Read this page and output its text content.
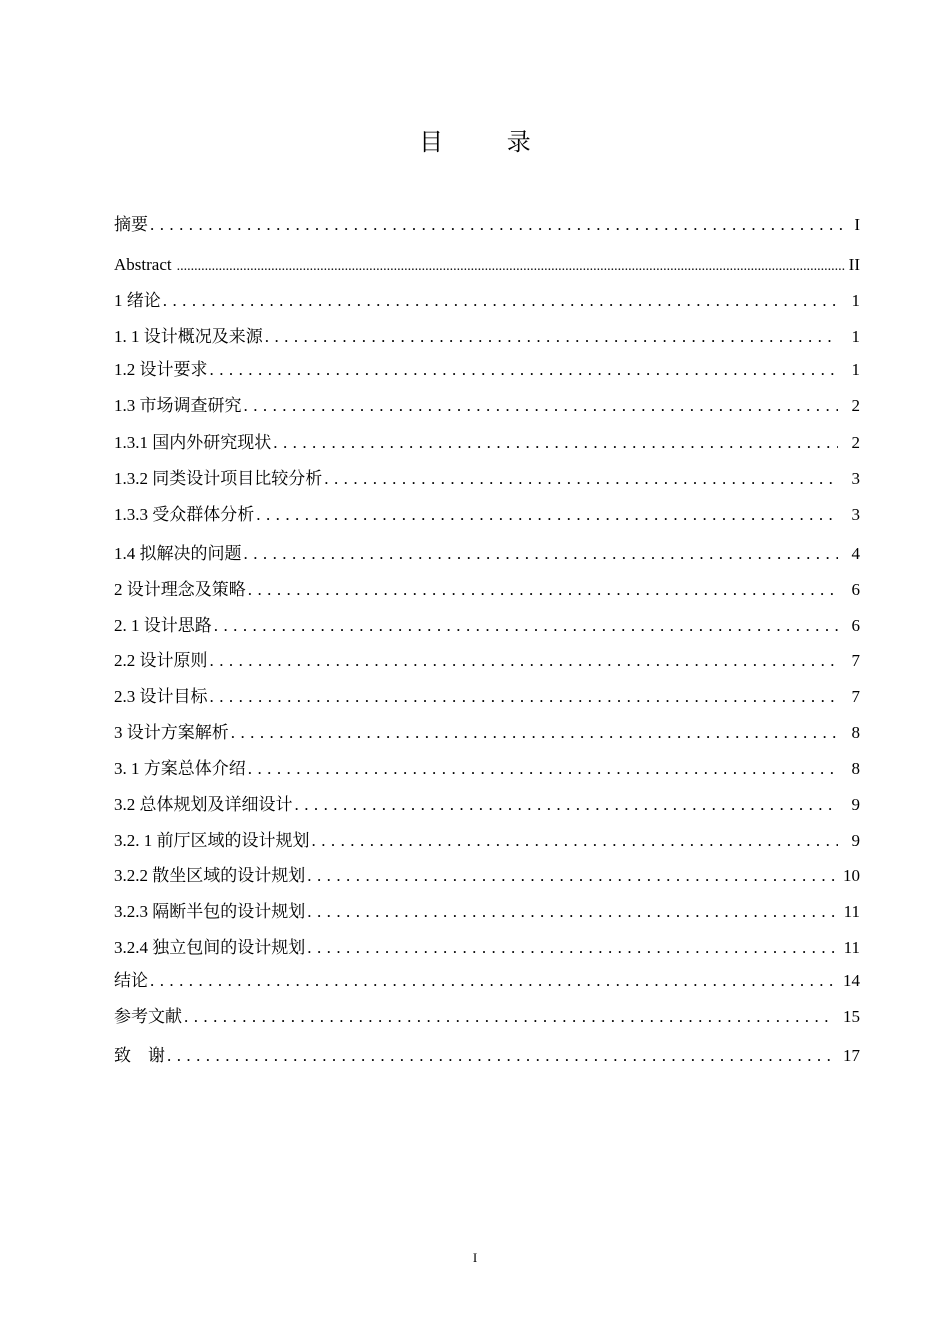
目 录
摘要 . . .	I
Abstract .....	II
1 绪论 . . .	1
1. 1 设计概况及来源 . . .	1
1.2 设计要求 . . .	1
1.3 市场调查研究 . . .	2
1.3.1 国内外研究现状 . . .	2
1.3.2 同类设计项目比较分析 . . .	3
1.3.3 受众群体分析 . . .	3
1.4 拟解决的问题 . . .	4
2 设计理念及策略 . . .	6
2. 1 设计思路 . . .	6
2.2 设计原则 . . .	7
2.3 设计目标 . . .	7
3 设计方案解析 . . .	8
3. 1 方案总体介绍 . . .	8
3.2 总体规划及详细设计 . . .	9
3.2. 1 前厅区域的设计规划 . . .	9
3.2.2 散坐区域的设计规划 . . .	10
3.2.3 隔断半包的设计规划 . . .	11
3.2.4 独立包间的设计规划 . . .	11
结论 . . .	14
参考文献 . . .	15
致    谢 . . .	17
I
